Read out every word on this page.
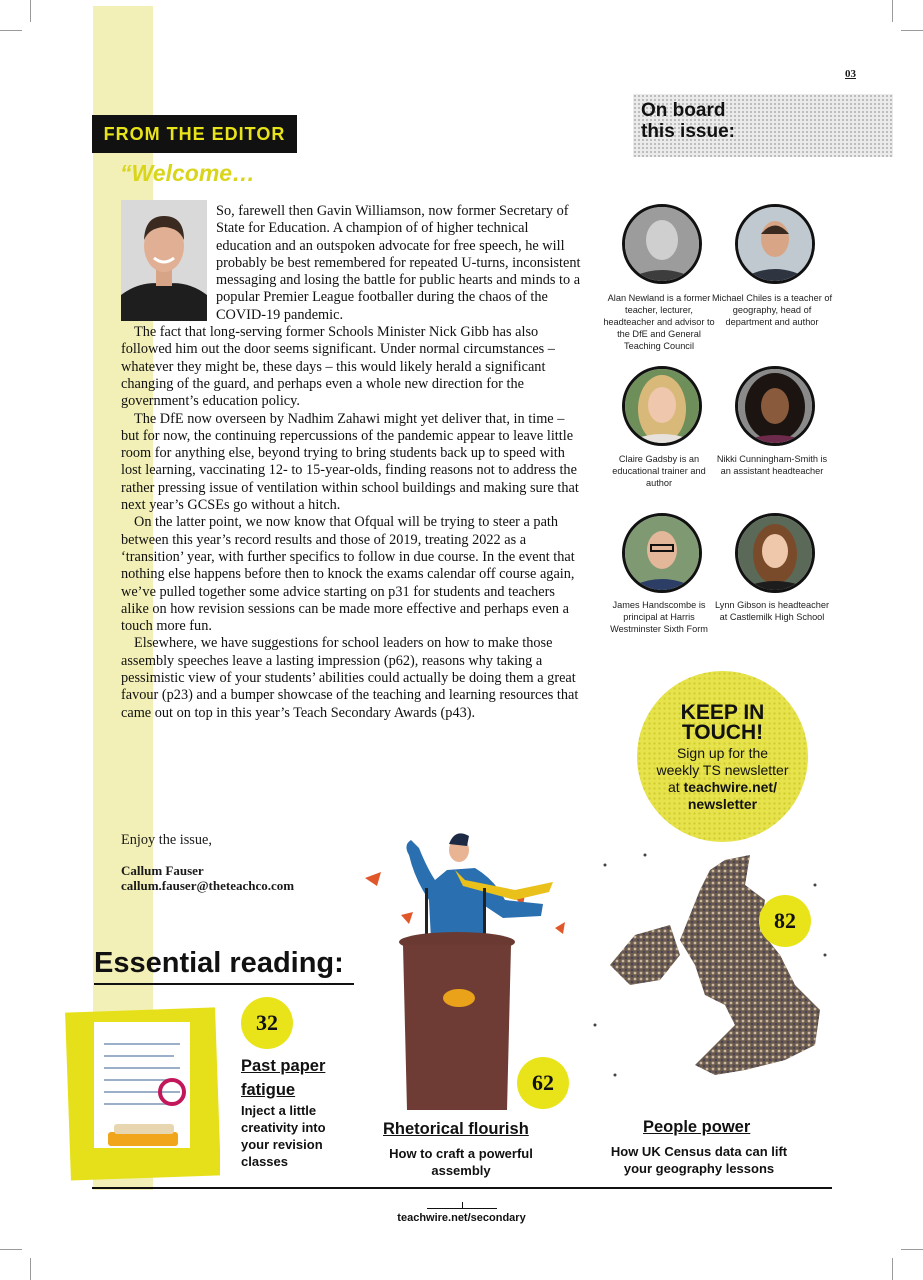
03
FROM THE EDITOR
“Welcome…

So, farewell then Gavin Williamson, now former Secretary of State for Education. A champion of of higher technical education and an outspoken advocate for free speech, he will probably be best remembered for repeated U-turns, inconsistent messaging and losing the battle for public hearts and minds to a popular Premier League footballer during the chaos of the COVID-19 pandemic.

The fact that long-serving former Schools Minister Nick Gibb has also followed him out the door seems significant. Under normal circumstances – whatever they might be, these days – this would likely herald a significant changing of the guard, and perhaps even a whole new direction for the government’s education policy.

The DfE now overseen by Nadhim Zahawi might yet deliver that, in time – but for now, the continuing repercussions of the pandemic appear to leave little room for anything else, beyond trying to bring students back up to speed with lost learning, vaccinating 12- to 15-year-olds, finding reasons not to address the rather pressing issue of ventilation within school buildings and making sure that next year’s GCSEs go without a hitch.

On the latter point, we now know that Ofqual will be trying to steer a path between this year’s record results and those of 2019, treating 2022 as a ‘transition’ year, with further specifics to follow in due course. In the event that nothing else happens before then to knock the exams calendar off course again, we’ve pulled together some advice starting on p31 for students and teachers alike on how revision sessions can be made more effective and perhaps even a touch more fun.

Elsewhere, we have suggestions for school leaders on how to make those assembly speeches leave a lasting impression (p62), reasons why taking a pessimistic view of your students’ abilities could actually be doing them a great favour (p23) and a bumper showcase of the teaching and learning resources that came out on top in this year’s Teach Secondary Awards (p43).

Enjoy the issue,
Callum Fauser
callum.fauser@theteachco.com
On board
this issue:
Alan Newland is a former teacher, lecturer, headteacher and advisor to the DfE and General Teaching Council
Michael Chiles is a teacher of geography, head of department and author
Claire Gadsby is an educational trainer and author
Nikki Cunningham-Smith is an assistant headteacher
James Handscombe is principal at Harris Westminster Sixth Form
Lynn Gibson is headteacher at Castlemilk High School
KEEP IN
TOUCH!
Sign up for the
weekly TS newsletter
at teachwire.net/
newsletter
Essential reading:
32
Past paper
fatigue
Inject a little
creativity into
your revision
classes
62
Rhetorical flourish
How to craft a powerful
assembly
82
People power
How UK Census data can lift
your geography lessons
teachwire.net/secondary
